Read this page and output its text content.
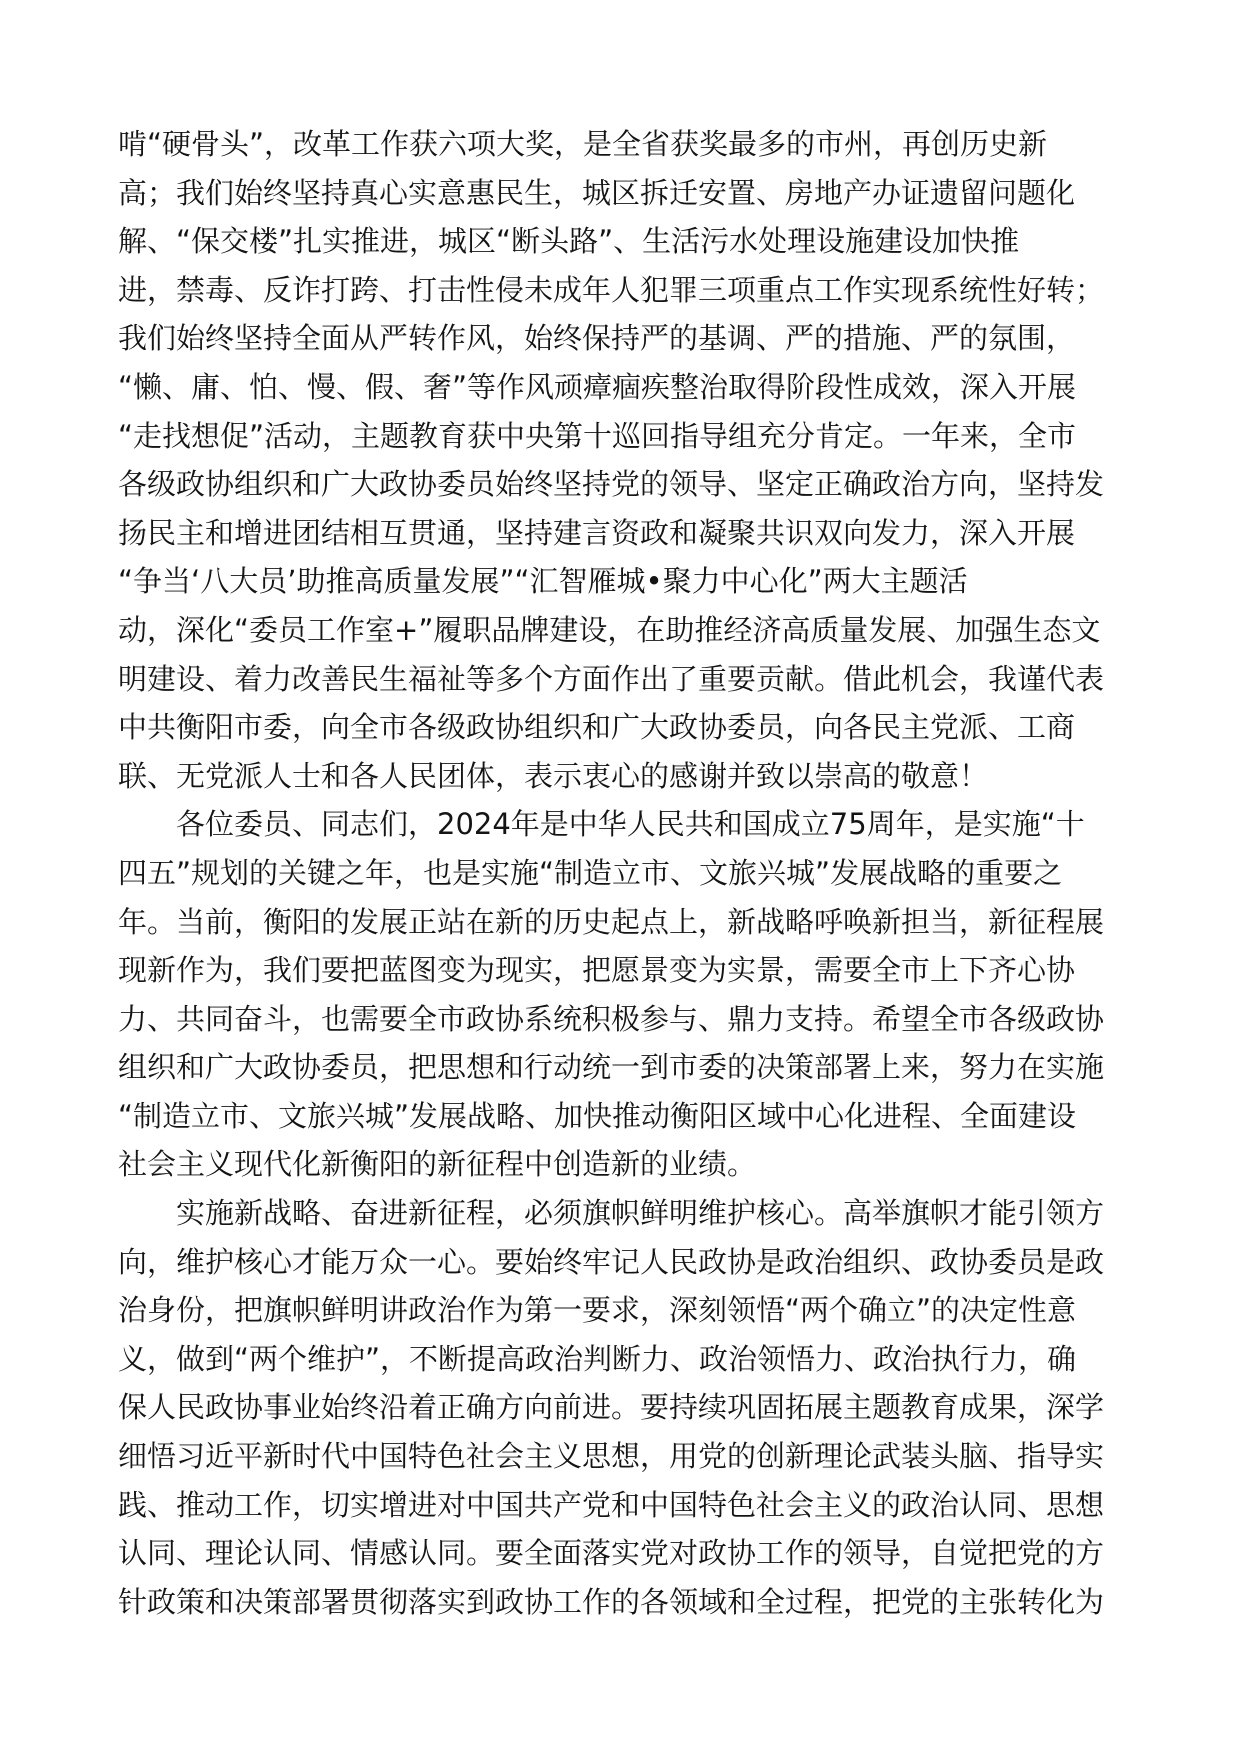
啃“硬骨头”，改革工作获六项大奖，是全省获奖最多的市州，再创历史新
高；我们始终坚持真心实意惠民生，城区拆迁安置、房地产办证遗留问题化
解、“保交楼”扎实推进，城区“断头路”、生活污水处理设施建设加快推
进，禁毒、反诈打跨、打击性侵未成年人犯罪三项重点工作实现系统性好转；
我们始终坚持全面从严转作风，始终保持严的基调、严的措施、严的氛围，
“懒、庸、怕、慢、假、奢”等作风顽瘴痼疾整治取得阶段性成效，深入开展
“走找想促”活动，主题教育获中央第十巡回指导组充分肯定。一年来，全市
各级政协组织和广大政协委员始终坚持党的领导、坚定正确政治方向，坚持发
扬民主和增进团结相互贯通，坚持建言资政和凝聚共识双向发力，深入开展
“争当‘八大员’助推高质量发展”“汇智雁城•聚力中心化”两大主题活
动，深化“委员工作室+”履职品牌建设，在助推经济高质量发展、加强生态文
明建设、着力改善民生福祉等多个方面作出了重要贡献。借此机会，我谨代表
中共衡阳市委，向全市各级政协组织和广大政协委员，向各民主党派、工商
联、无党派人士和各人民团体，表示衷心的感谢并致以崇高的敬意！
各位委员、同志们，2024年是中华人民共和国成立75周年，是实施“十
四五”规划的关键之年，也是实施“制造立市、文旅兴城”发展战略的重要之
年。当前，衡阳的发展正站在新的历史起点上，新战略呼唤新担当，新征程展
现新作为，我们要把蓝图变为现实，把愿景变为实景，需要全市上下齐心协
力、共同奋斗，也需要全市政协系统积极参与、鼎力支持。希望全市各级政协
组织和广大政协委员，把思想和行动统一到市委的决策部署上来，努力在实施
“制造立市、文旅兴城”发展战略、加快推动衡阳区域中心化进程、全面建设
社会主义现代化新衡阳的新征程中创造新的业绩。
实施新战略、奋进新征程，必须旗帜鲜明维护核心。高举旗帜才能引领方
向，维护核心才能万众一心。要始终牢记人民政协是政治组织、政协委员是政
治身份，把旗帜鲜明讲政治作为第一要求，深刻领悟“两个确立”的决定性意
义，做到“两个维护”，不断提高政治判断力、政治领悟力、政治执行力，确
保人民政协事业始终沿着正确方向前进。要持续巩固拓展主题教育成果，深学
细悟习近平新时代中国特色社会主义思想，用党的创新理论武装头脑、指导实
践、推动工作，切实增进对中国共产党和中国特色社会主义的政治认同、思想
认同、理论认同、情感认同。要全面落实党对政协工作的领导，自觉把党的方
针政策和决策部署贯彻落实到政协工作的各领域和全过程，把党的主张转化为
